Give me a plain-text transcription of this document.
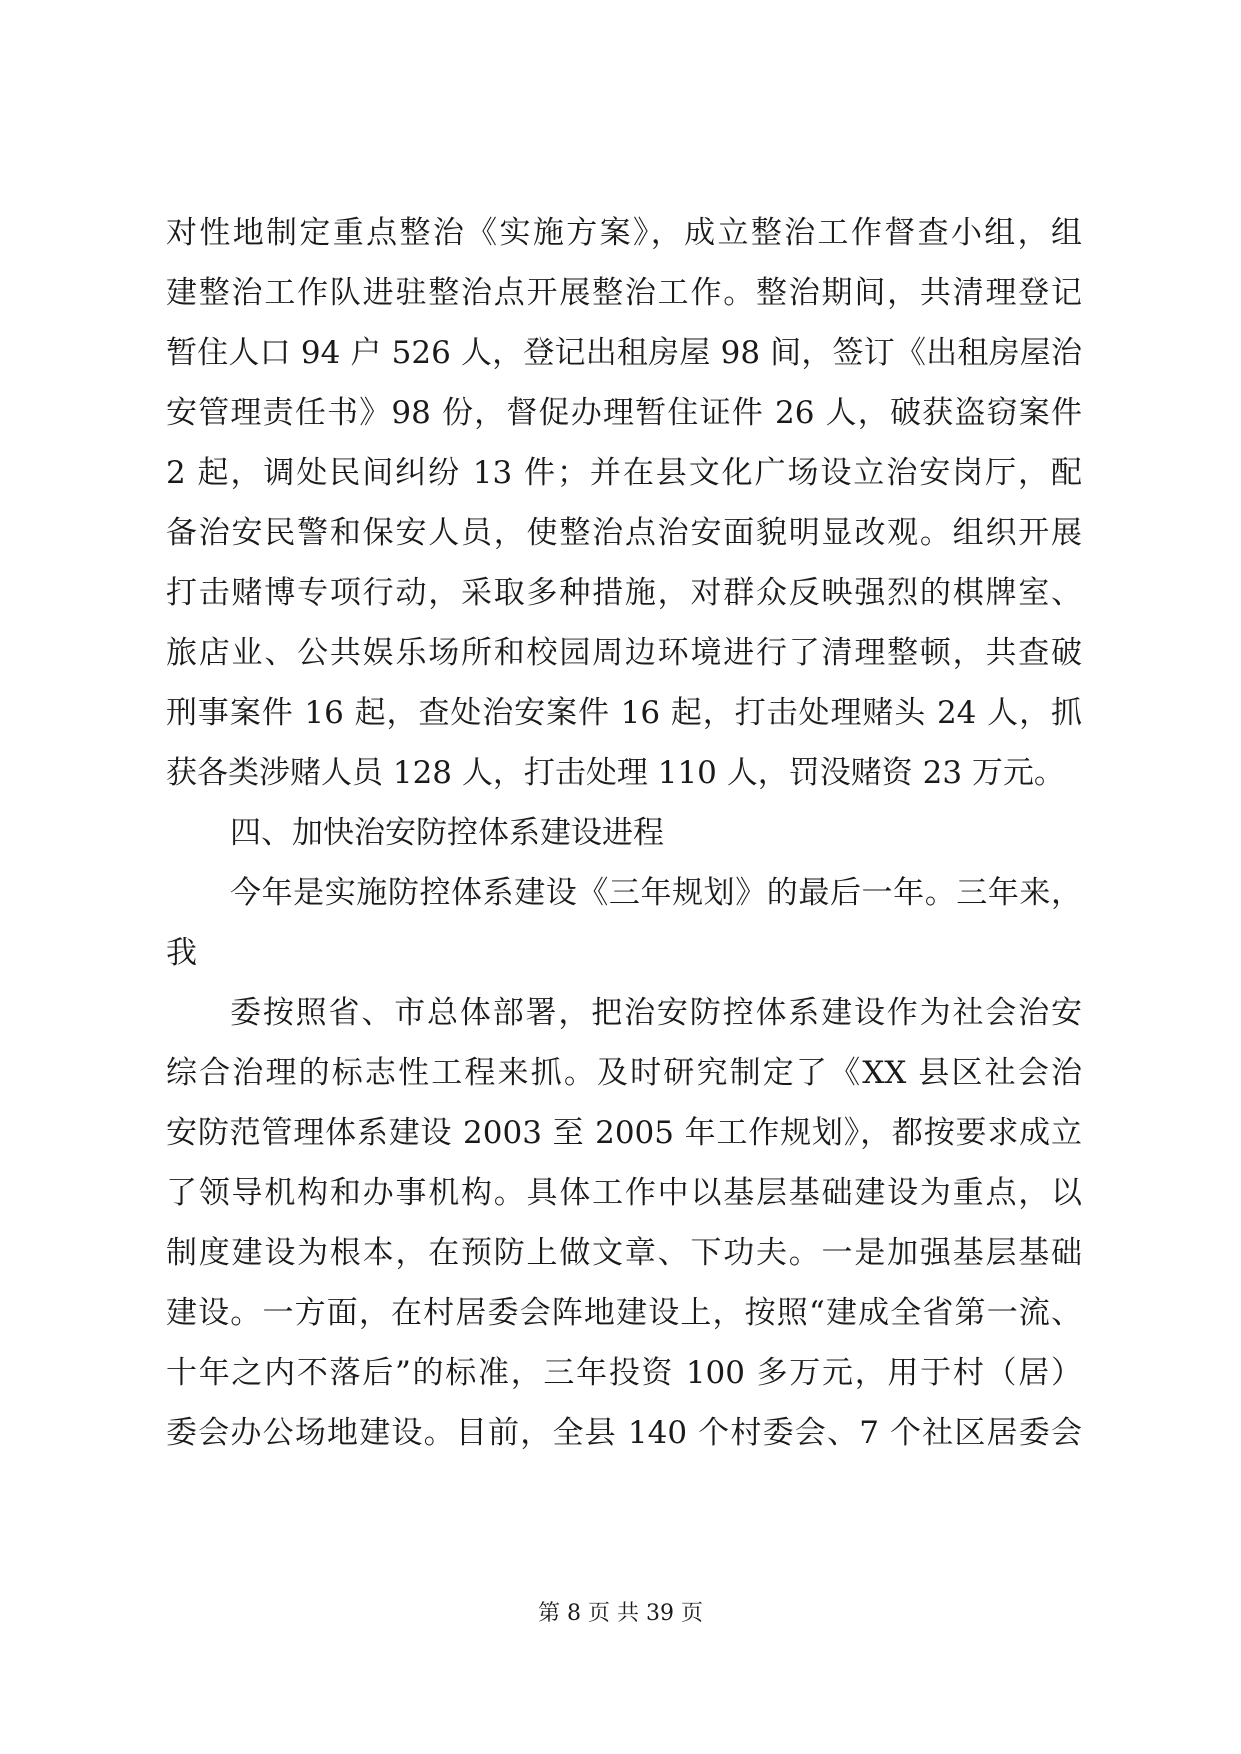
对性地制定重点整治《实施方案》，成立整治工作督查小组，组
建整治工作队进驻整治点开展整治工作。整治期间，共清理登记
暂住人口 94 户 526 人，登记出租房屋 98 间，签订《出租房屋治
安管理责任书》98 份，督促办理暂住证件 26 人，破获盗窃案件
2 起，调处民间纠纷 13 件；并在县文化广场设立治安岗厅，配
备治安民警和保安人员，使整治点治安面貌明显改观。组织开展
打击赌博专项行动，采取多种措施，对群众反映强烈的棋牌室、
旅店业、公共娱乐场所和校园周边环境进行了清理整顿，共查破
刑事案件 16 起，查处治安案件 16 起，打击处理赌头 24 人，抓
获各类涉赌人员 128 人，打击处理 110 人，罚没赌资 23 万元。
四、加快治安防控体系建设进程
今年是实施防控体系建设《三年规划》的最后一年。三年来，
我
委按照省、市总体部署，把治安防控体系建设作为社会治安
综合治理的标志性工程来抓。及时研究制定了《XX 县区社会治
安防范管理体系建设 2003 至 2005 年工作规划》，都按要求成立
了领导机构和办事机构。具体工作中以基层基础建设为重点，以
制度建设为根本，在预防上做文章、下功夫。一是加强基层基础
建设。一方面，在村居委会阵地建设上，按照“建成全省第一流、
十年之内不落后”的标准，三年投资 100 多万元，用于村（居）
委会办公场地建设。目前，全县 140 个村委会、7 个社区居委会
第 8 页 共 39 页
